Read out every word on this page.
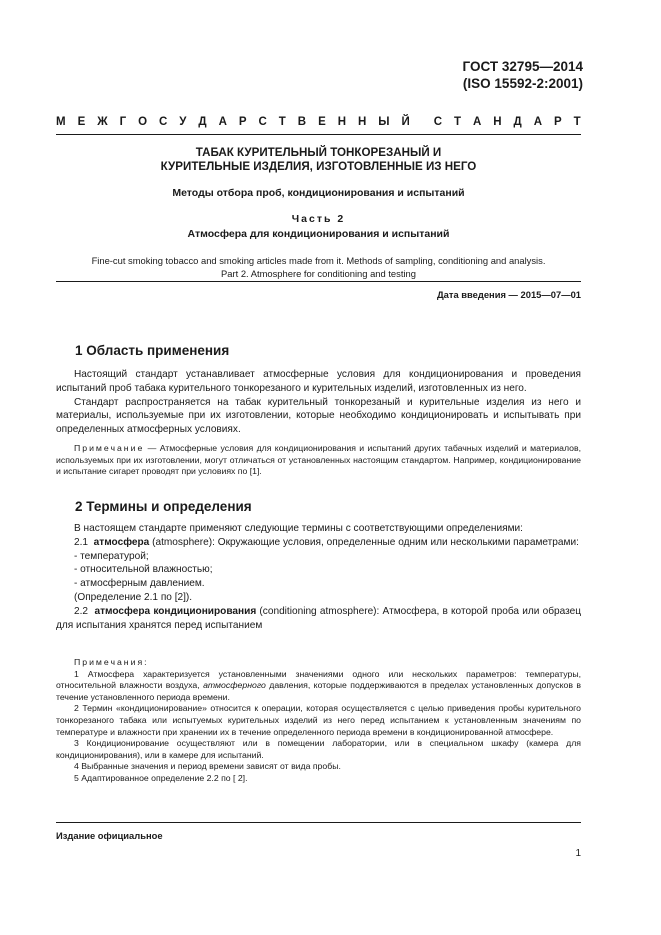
ГОСТ 32795—2014
(ISO 15592-2:2001)
М Е Ж Г О С У Д А Р С Т В Е Н Н Ы Й С Т А Н Д А Р Т
ТАБАК КУРИТЕЛЬНЫЙ ТОНКОРЕЗАНЫЙ И
КУРИТЕЛЬНЫЕ ИЗДЕЛИЯ, ИЗГОТОВЛЕННЫЕ ИЗ НЕГО
Методы отбора проб, кондиционирования и испытаний
Часть 2
Атмосфера для кондиционирования и испытаний
Fine-cut smoking tobacco and smoking articles made from it. Methods of sampling, conditioning and analysis.
Part 2. Atmosphere for conditioning and testing
Дата введения — 2015—07—01
1 Область применения

Настоящий стандарт устанавливает атмосферные условия для кондиционирования и проведения испытаний проб табака курительного тонкорезаного и курительных изделий, изготовленных из него.

Стандарт распространяется на табак курительный тонкорезаный и курительные изделия из него и материалы, используемые при их изготовлении, которые необходимо кондиционировать и испытывать при определенных атмосферных условиях.

Примечание — Атмосферные условия для кондиционирования и испытаний других табачных изделий и материалов, используемых при их изготовлении, могут отличаться от установленных настоящим стандартом. Например, кондиционирование и испытание сигарет проводят при условиях по [1].

2 Термины и определения

В настоящем стандарте применяют следующие термины с соответствующими определениями:

2.1 атмосфера (atmosphere): Окружающие условия, определенные одним или несколькими параметрами:

- температурой;

- относительной влажностью;

- атмосферным давлением.

(Определение 2.1 по [2]).

2.2 атмосфера кондиционирования (conditioning atmosphere): Атмосфера, в которой проба или образец для испытания хранятся перед испытанием

Примечания:

1 Атмосфера характеризуется установленными значениями одного или нескольких параметров: температуры, относительной влажности воздуха, атмосферного давления, которые поддерживаются в пределах установленных допусков в течение установленного периода времени.

2 Термин «кондиционирование» относится к операции, которая осуществляется с целью приведения пробы курительного тонкорезаного табака или испытуемых курительных изделий из него перед испытанием к установленным значениям по температуре и влажности при хранении их в течение определенного периода времени в кондиционированной атмосфере.

3 Кондиционирование осуществляют или в помещении лаборатории, или в специальном шкафу (камера для кондиционирования), или в камере для испытаний.

4 Выбранные значения и период времени зависят от вида пробы.

5 Адаптированное определение 2.2 по [ 2].

Издание официальное
1
